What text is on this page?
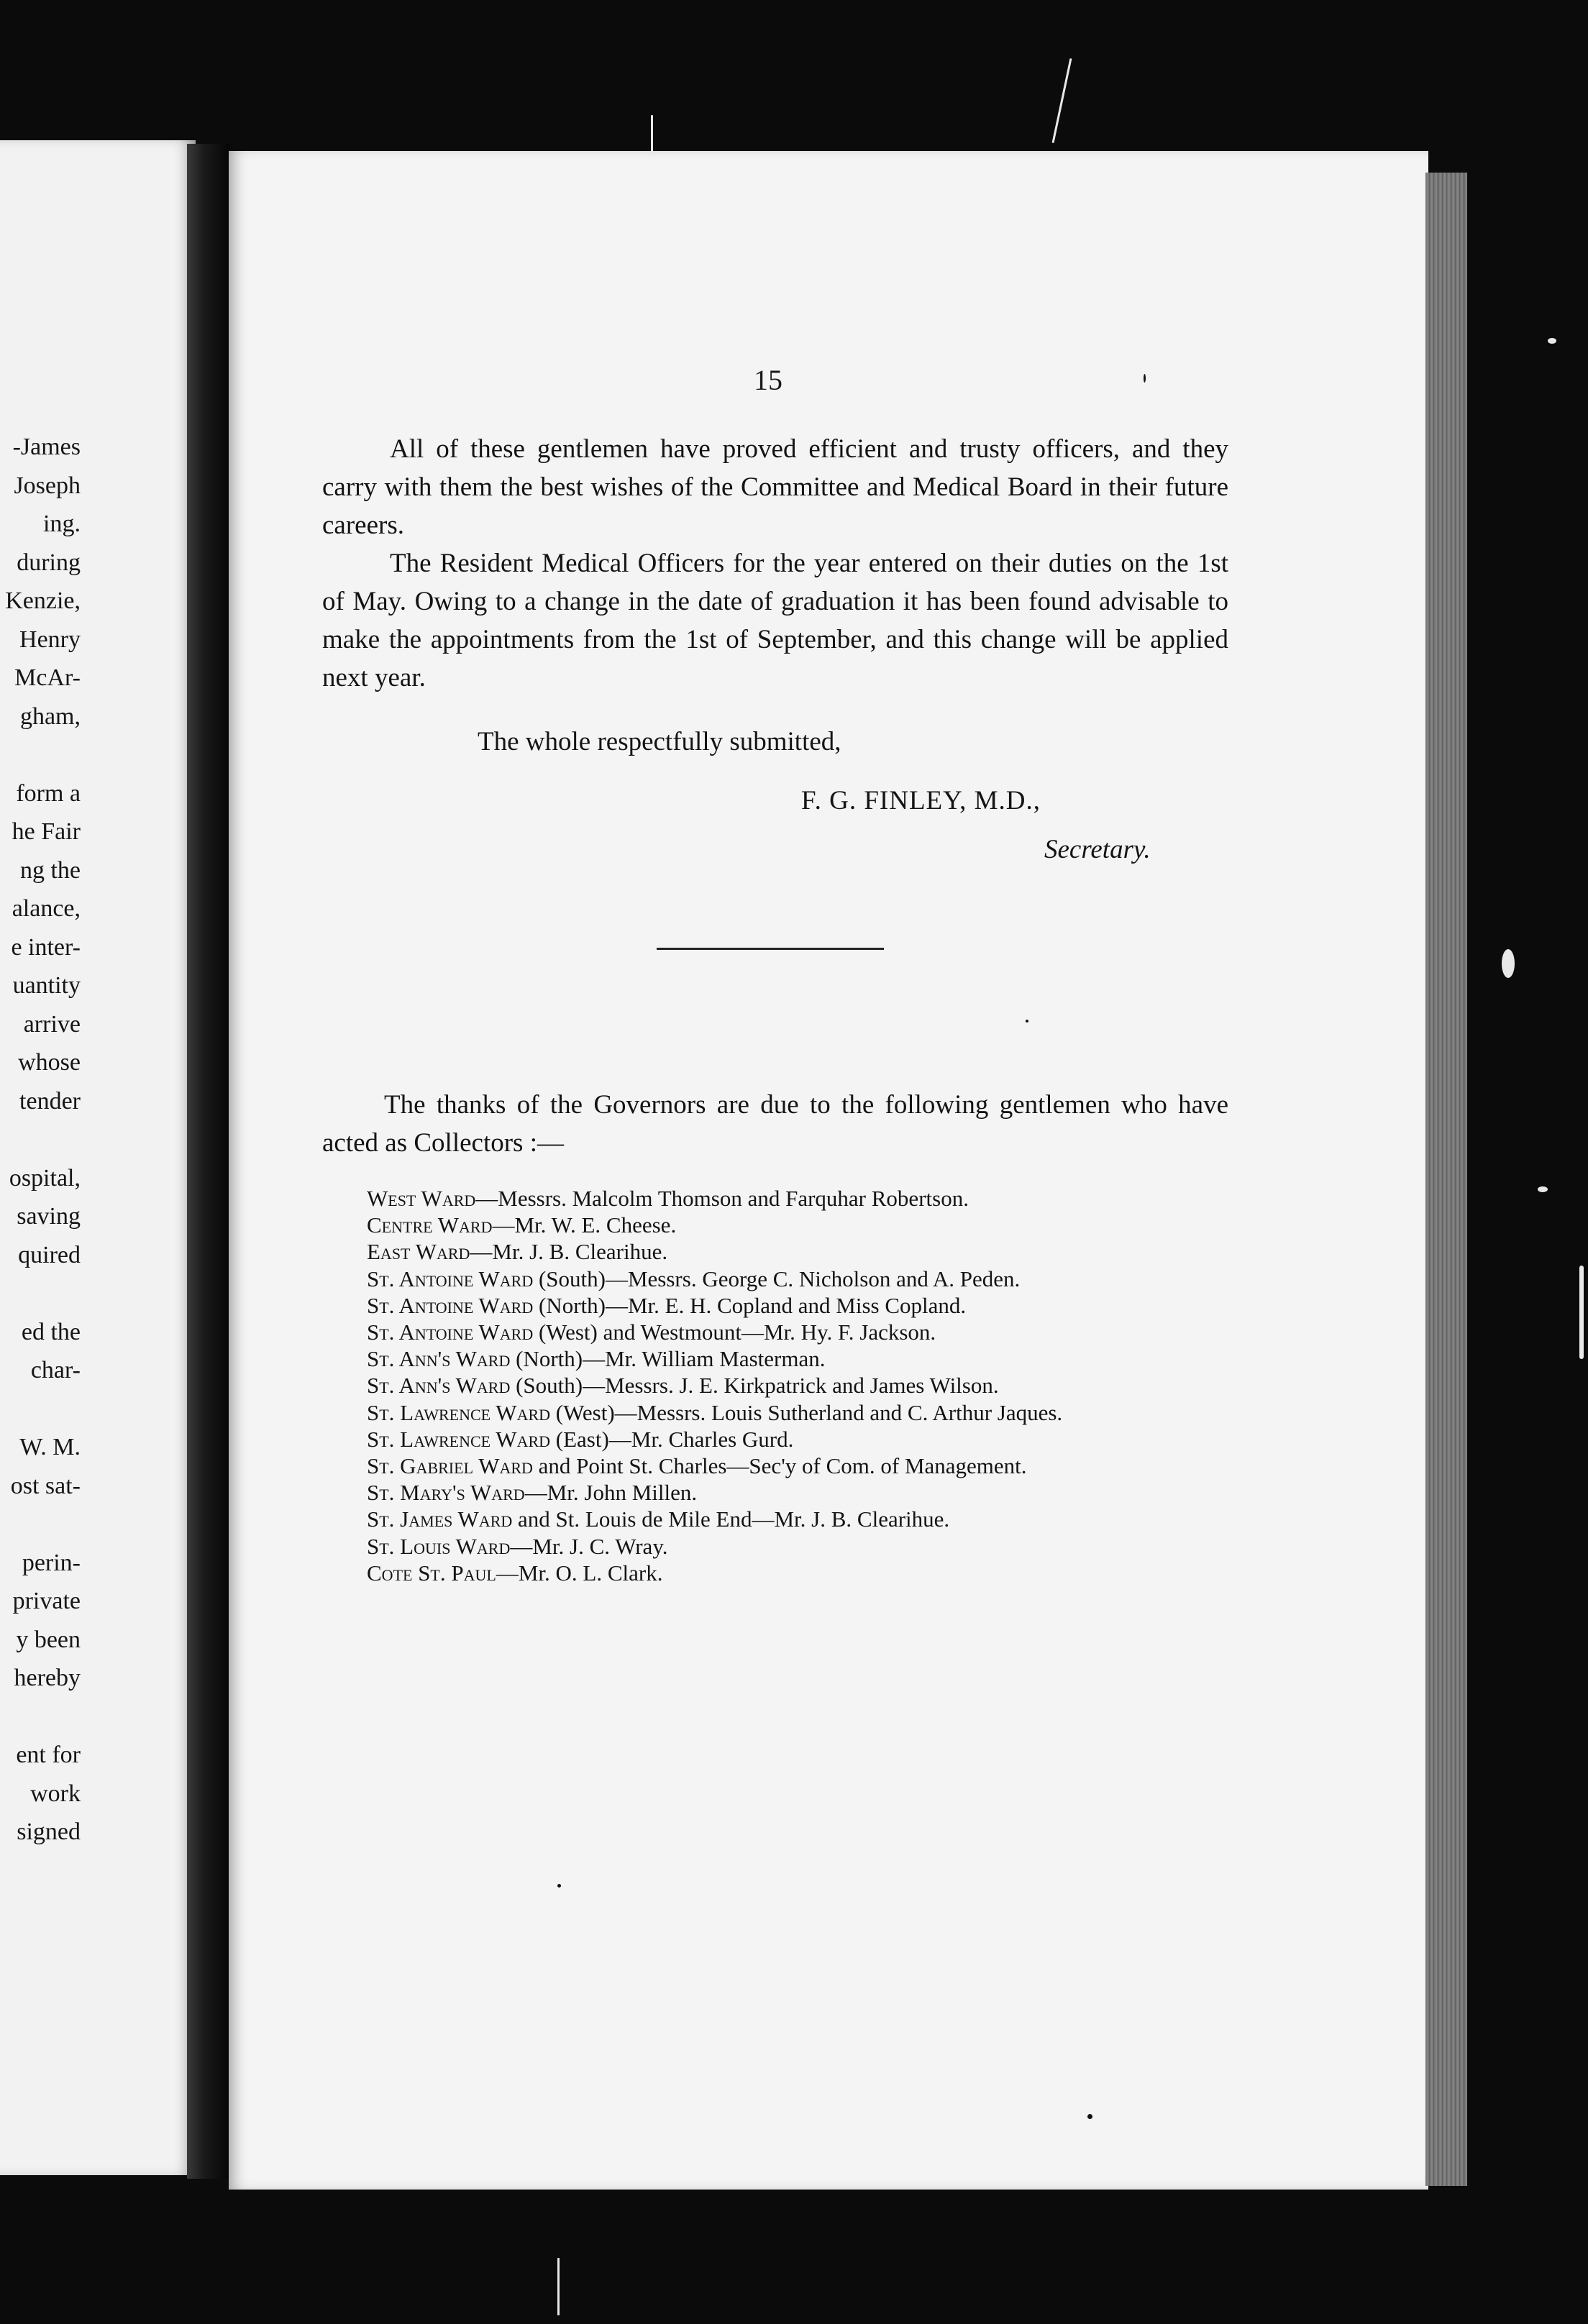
-James
Joseph
ing.
during
Kenzie,
Henry
McAr-
gham,
form a
he Fair
ng the
alance,
e inter-
uantity
arrive
whose
tender
ospital,
saving
quired
ed the
char-
W. M.
ost sat-
perin-
private
y been
hereby
ent for
work
signed
15

All of these gentlemen have proved efficient and trusty officers, and they carry with them the best wishes of the Committee and Medical Board in their future careers.

The Resident Medical Officers for the year entered on their duties on the 1st of May. Owing to a change in the date of graduation it has been found advisable to make the appointments from the 1st of September, and this change will be applied next year.

The whole respectfully submitted,
F. G. FINLEY, M.D.,
Secretary.

The thanks of the Governors are due to the following gentlemen who have acted as Collectors :—

West Ward—Messrs. Malcolm Thomson and Farquhar Robertson.
Centre Ward—Mr. W. E. Cheese.
East Ward—Mr. J. B. Clearihue.
St. Antoine Ward (South)—Messrs. George C. Nicholson and A. Peden.
St. Antoine Ward (North)—Mr. E. H. Copland and Miss Copland.
St. Antoine Ward (West) and Westmount—Mr. Hy. F. Jackson.
St. Ann's Ward (North)—Mr. William Masterman.
St. Ann's Ward (South)—Messrs. J. E. Kirkpatrick and James Wilson.
St. Lawrence Ward (West)—Messrs. Louis Sutherland and C. Arthur Jaques.
St. Lawrence Ward (East)—Mr. Charles Gurd.
St. Gabriel Ward and Point St. Charles—Sec'y of Com. of Management.
St. Mary's Ward—Mr. John Millen.
St. James Ward and St. Louis de Mile End—Mr. J. B. Clearihue.
St. Louis Ward—Mr. J. C. Wray.
Cote St. Paul—Mr. O. L. Clark.
